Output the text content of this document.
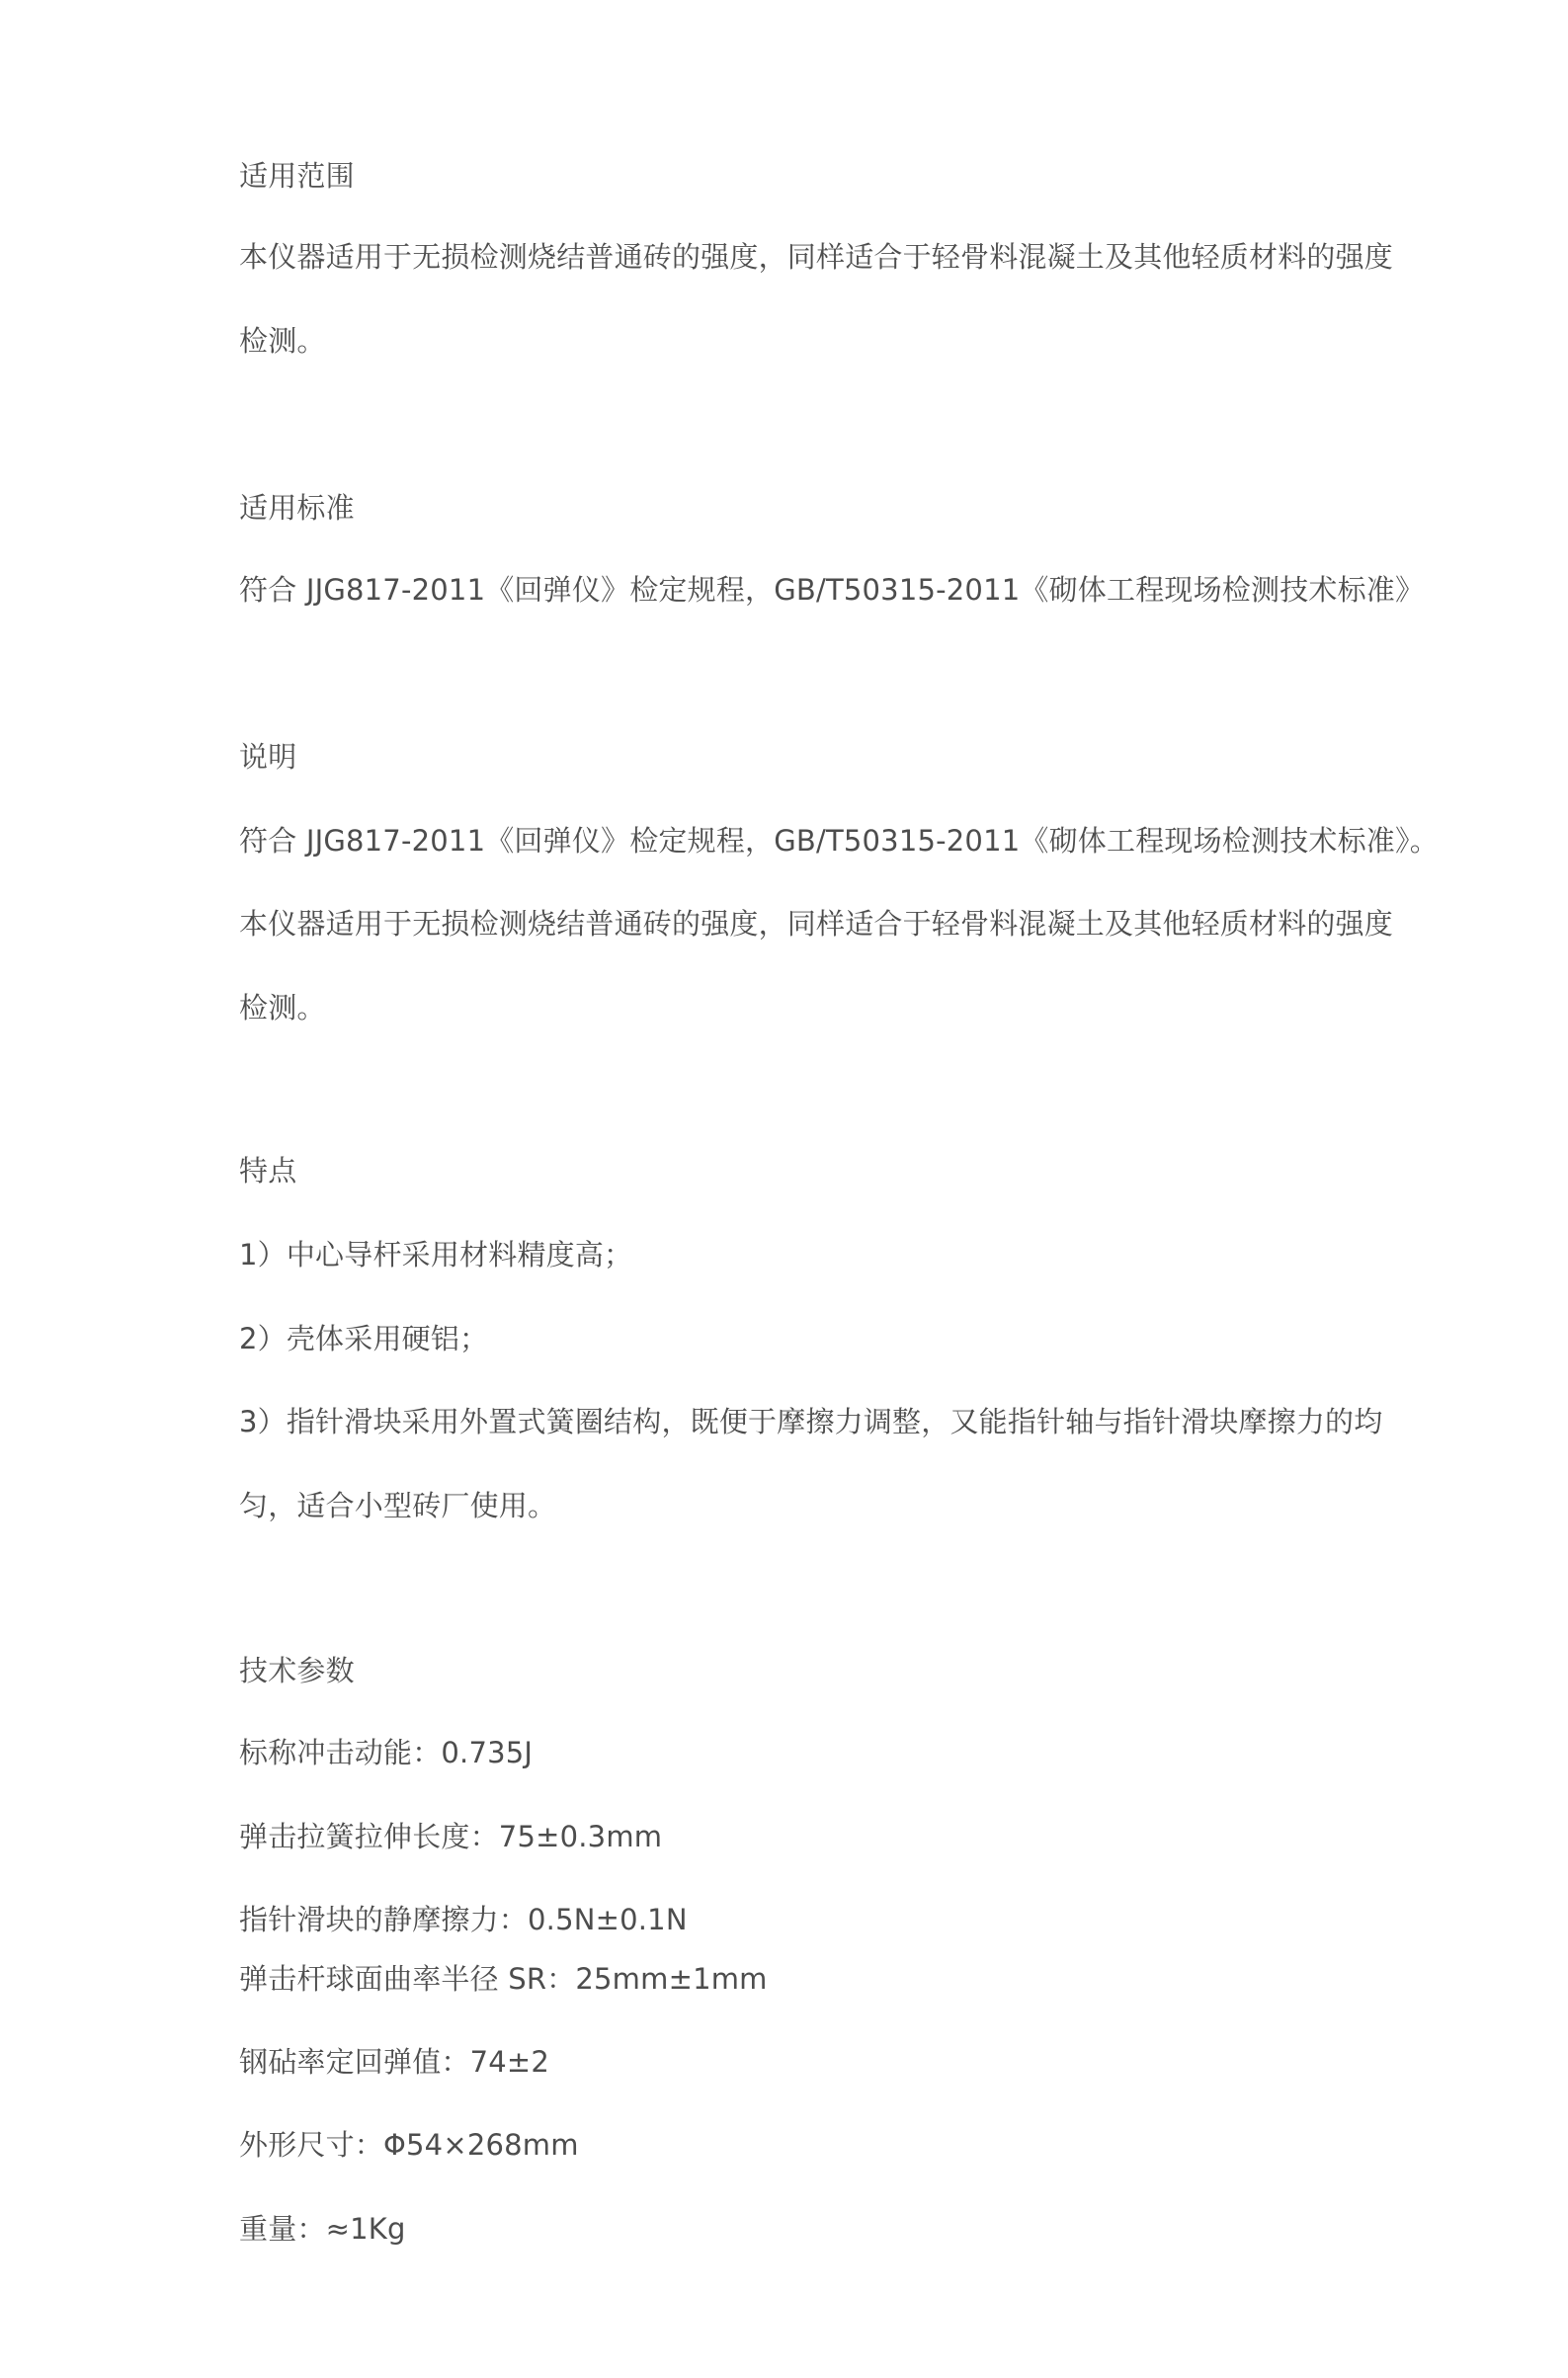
适用范围
本仪器适用于无损检测烧结普通砖的强度，同样适合于轻骨料混凝土及其他轻质材料的强度
检测。
适用标准
符合 JJG817-2011《回弹仪》检定规程，GB/T50315-2011《砌体工程现场检测技术标准》
说明
符合 JJG817-2011《回弹仪》检定规程，GB/T50315-2011《砌体工程现场检测技术标准》。
本仪器适用于无损检测烧结普通砖的强度，同样适合于轻骨料混凝土及其他轻质材料的强度
检测。
特点
1）中心导杆采用材料精度高；
2）壳体采用硬铝；
3）指针滑块采用外置式簧圈结构，既便于摩擦力调整，又能指针轴与指针滑块摩擦力的均
匀，适合小型砖厂使用。
技术参数
标称冲击动能：0.735J
弹击拉簧拉伸长度：75±0.3mm
指针滑块的静摩擦力：0.5N±0.1N
弹击杆球面曲率半径 SR：25mm±1mm
钢砧率定回弹值：74±2
外形尺寸：Φ54×268mm
重量：≈1Kg
